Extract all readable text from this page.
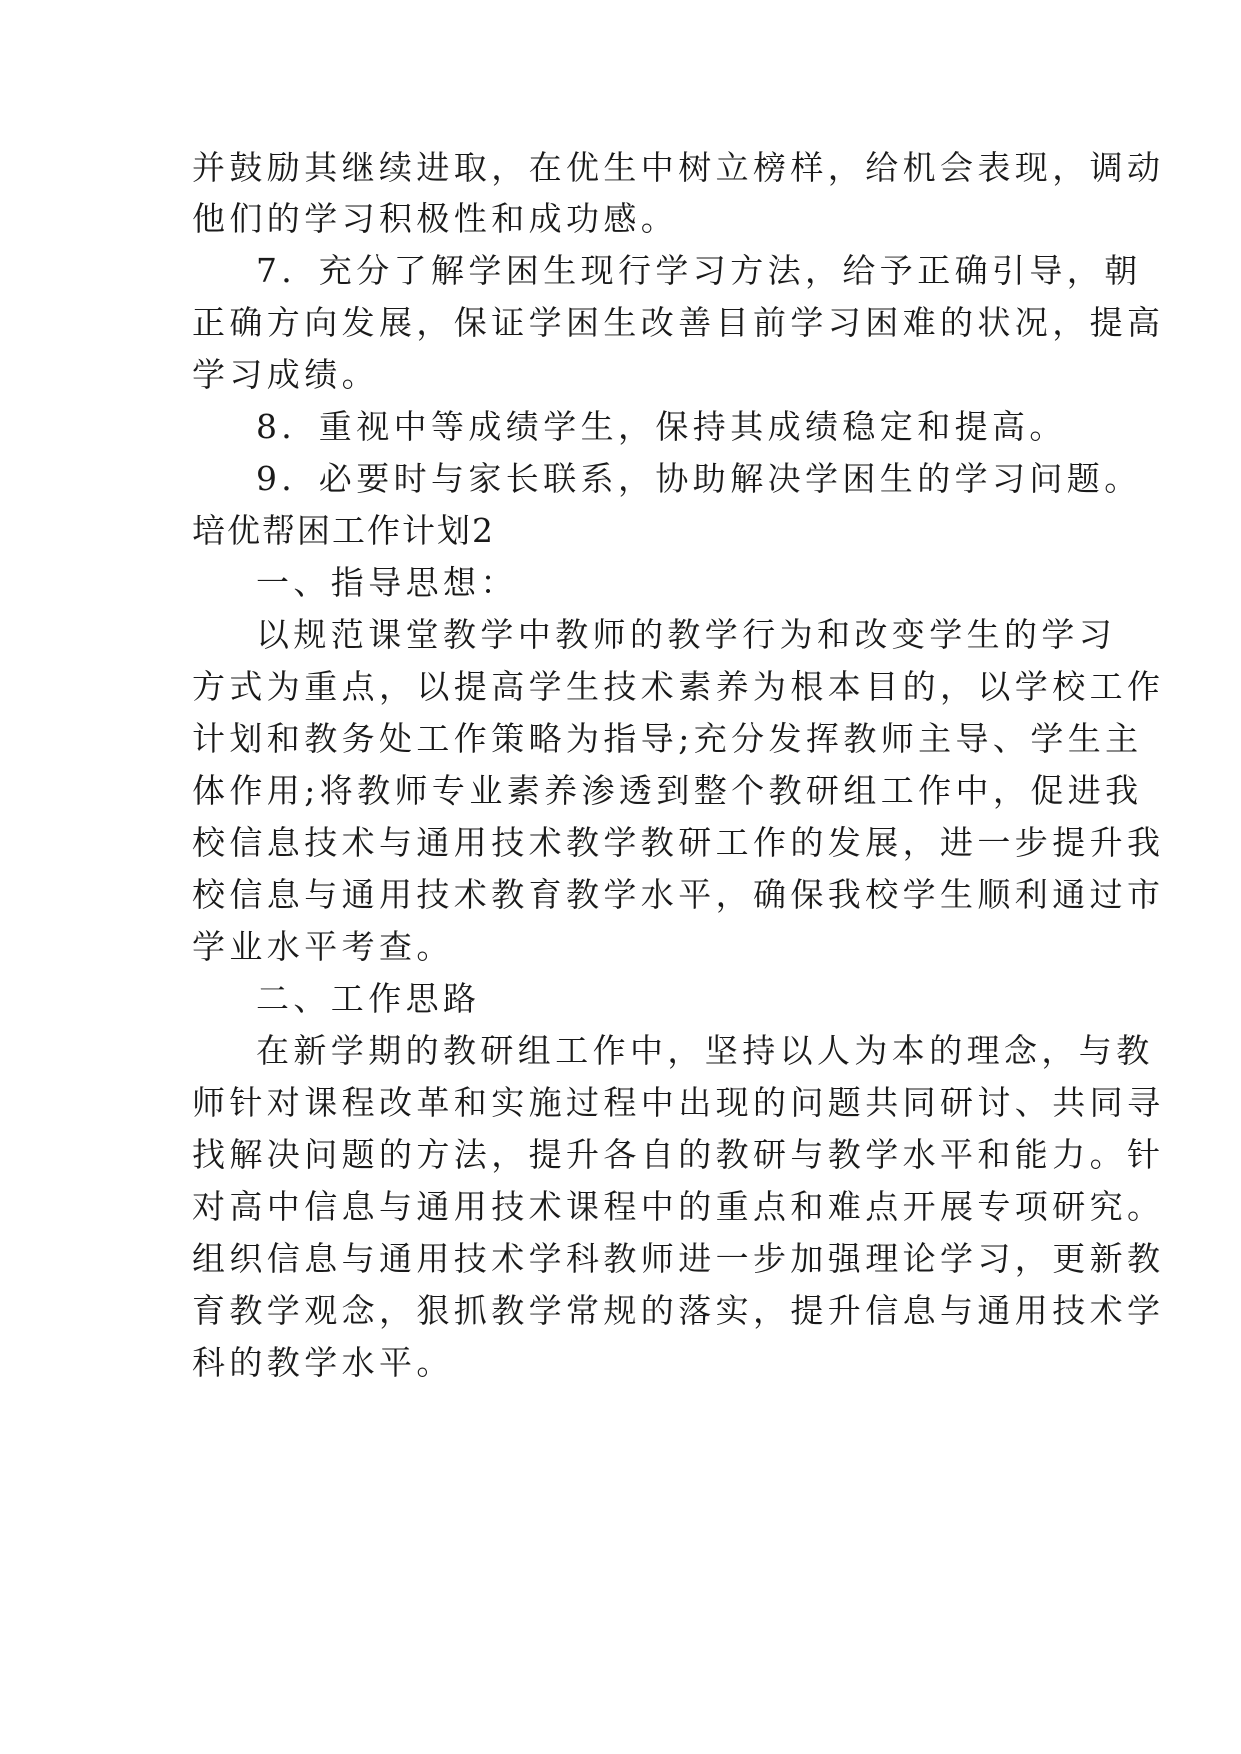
并鼓励其继续进取，在优生中树立榜样，给机会表现，调动
他们的学习积极性和成功感。
7．充分了解学困生现行学习方法，给予正确引导，朝
正确方向发展，保证学困生改善目前学习困难的状况，提高
学习成绩。
8．重视中等成绩学生，保持其成绩稳定和提高。
9．必要时与家长联系，协助解决学困生的学习问题。
培优帮困工作计划2
一、指导思想：
以规范课堂教学中教师的教学行为和改变学生的学习
方式为重点，以提高学生技术素养为根本目的，以学校工作
计划和教务处工作策略为指导;充分发挥教师主导、学生主
体作用;将教师专业素养渗透到整个教研组工作中，促进我
校信息技术与通用技术教学教研工作的发展，进一步提升我
校信息与通用技术教育教学水平，确保我校学生顺利通过市
学业水平考查。
二、工作思路
在新学期的教研组工作中，坚持以人为本的理念，与教
师针对课程改革和实施过程中出现的问题共同研讨、共同寻
找解决问题的方法，提升各自的教研与教学水平和能力。针
对高中信息与通用技术课程中的重点和难点开展专项研究。
组织信息与通用技术学科教师进一步加强理论学习，更新教
育教学观念，狠抓教学常规的落实，提升信息与通用技术学
科的教学水平。
